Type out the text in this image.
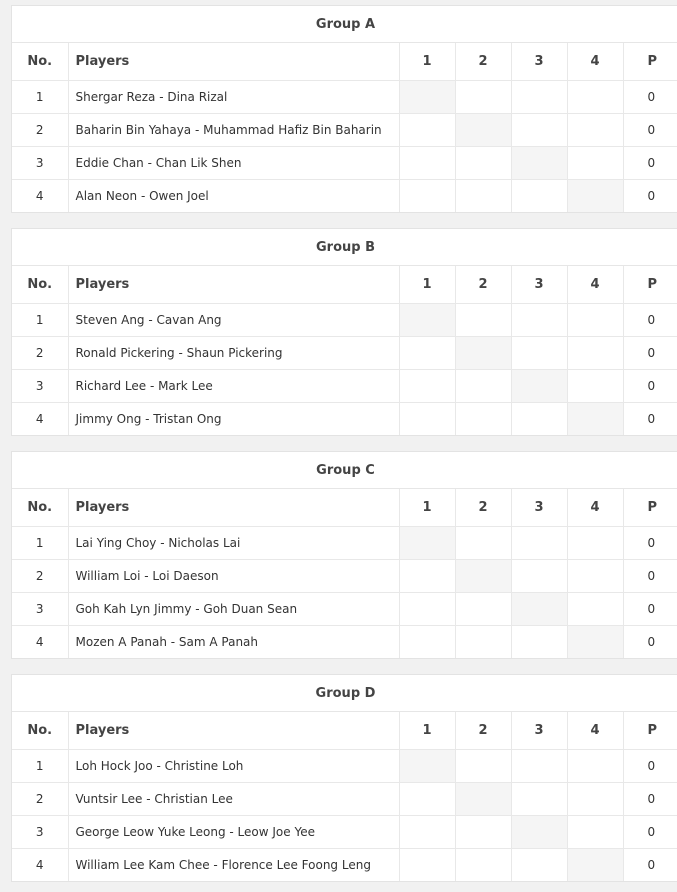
Group A
No.	Players	1	2	3	4	P
1	Shergar Reza - Dina Rizal					0
2	Baharin Bin Yahaya - Muhammad Hafiz Bin Baharin					0
3	Eddie Chan - Chan Lik Shen					0
4	Alan Neon - Owen Joel					0
Group B
No.	Players	1	2	3	4	P
1	Steven Ang - Cavan Ang					0
2	Ronald Pickering - Shaun Pickering					0
3	Richard Lee - Mark Lee					0
4	Jimmy Ong - Tristan Ong					0
Group C
No.	Players	1	2	3	4	P
1	Lai Ying Choy - Nicholas Lai					0
2	William Loi - Loi Daeson					0
3	Goh Kah Lyn Jimmy - Goh Duan Sean					0
4	Mozen A Panah - Sam A Panah					0
Group D
No.	Players	1	2	3	4	P
1	Loh Hock Joo - Christine Loh					0
2	Vuntsir Lee - Christian Lee					0
3	George Leow Yuke Leong - Leow Joe Yee					0
4	William Lee Kam Chee - Florence Lee Foong Leng					0
